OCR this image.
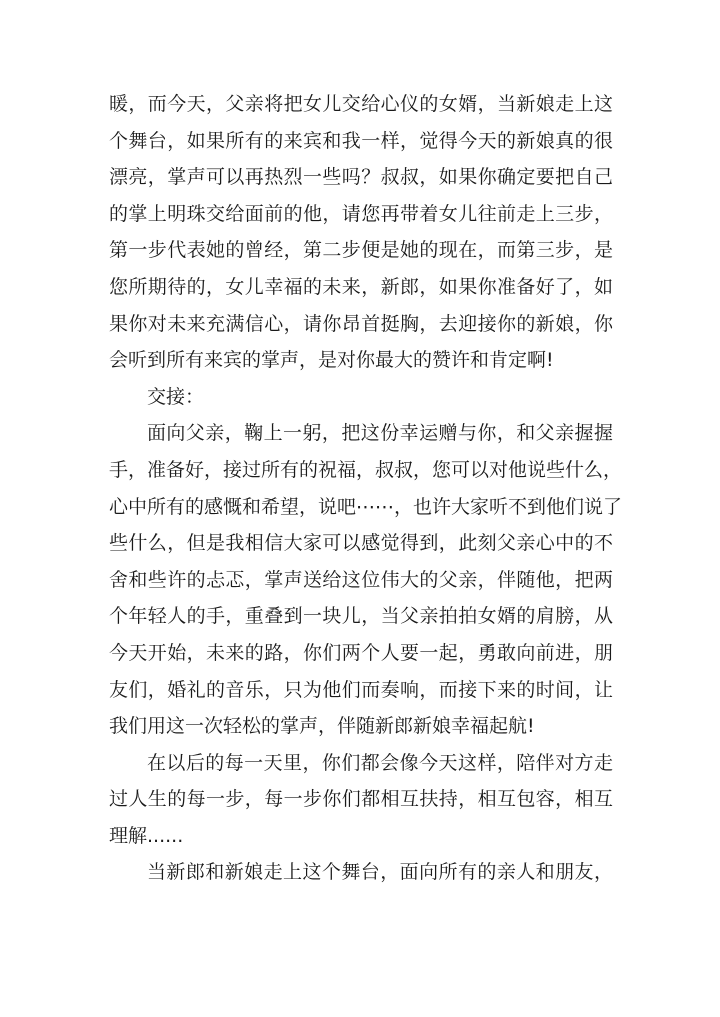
暖，而今天，父亲将把女儿交给心仪的女婿，当新娘走上这
个舞台，如果所有的来宾和我一样，觉得今天的新娘真的很
漂亮，掌声可以再热烈一些吗？叔叔，如果你确定要把自己
的掌上明珠交给面前的他，请您再带着女儿往前走上三步，
第一步代表她的曾经，第二步便是她的现在，而第三步，是
您所期待的，女儿幸福的未来，新郎，如果你准备好了，如
果你对未来充满信心，请你昂首挺胸，去迎接你的新娘，你
会听到所有来宾的掌声，是对你最大的赞许和肯定啊!
交接：
面向父亲，鞠上一躬，把这份幸运赠与你，和父亲握握
手，准备好，接过所有的祝福，叔叔，您可以对他说些什么，
心中所有的感慨和希望，说吧⋯⋯，也许大家听不到他们说了
些什么，但是我相信大家可以感觉得到，此刻父亲心中的不
舍和些许的忐忑，掌声送给这位伟大的父亲，伴随他，把两
个年轻人的手，重叠到一块儿，当父亲拍拍女婿的肩膀，从
今天开始，未来的路，你们两个人要一起，勇敢向前进，朋
友们，婚礼的音乐，只为他们而奏响，而接下来的时间，让
我们用这一次轻松的掌声，伴随新郎新娘幸福起航!
在以后的每一天里，你们都会像今天这样，陪伴对方走
过人生的每一步，每一步你们都相互扶持，相互包容，相互
理解......
当新郎和新娘走上这个舞台，面向所有的亲人和朋友，
